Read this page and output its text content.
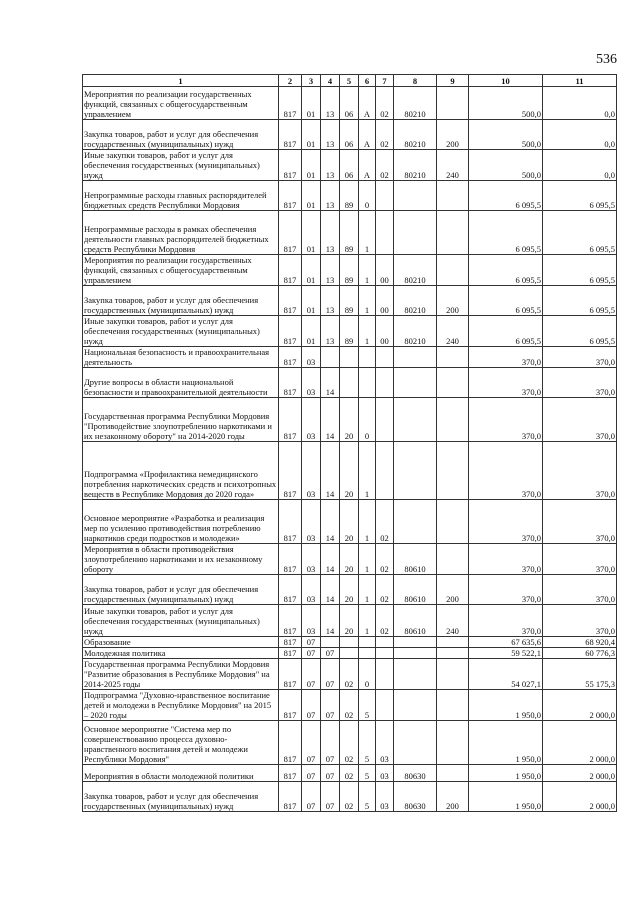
536
1	2	3	4	5	6	7	8	9	10	11
Мероприятия по реализации государственных функций, связанных с общегосударственным управлением	817	01	13	06	А	02	80210		500,0	0,0
Закупка товаров, работ и услуг для обеспечения государственных (муниципальных) нужд	817	01	13	06	А	02	80210	200	500,0	0,0
Иные закупки товаров, работ и услуг для обеспечения государственных (муниципальных) нужд	817	01	13	06	А	02	80210	240	500,0	0,0
Непрограммные расходы главных распорядителей бюджетных средств Республики Мордовия	817	01	13	89	0				6 095,5	6 095,5
Непрограммные расходы в рамках обеспечения деятельности главных распорядителей бюджетных средств Республики Мордовия	817	01	13	89	1				6 095,5	6 095,5
Мероприятия по реализации государственных функций, связанных с общегосударственным управлением	817	01	13	89	1	00	80210		6 095,5	6 095,5
Закупка товаров, работ и услуг для обеспечения государственных (муниципальных) нужд	817	01	13	89	1	00	80210	200	6 095,5	6 095,5
Иные закупки товаров, работ и услуг для обеспечения государственных (муниципальных) нужд	817	01	13	89	1	00	80210	240	6 095,5	6 095,5
Национальная безопасность и правоохранительная деятельность	817	03							370,0	370,0
Другие вопросы в области национальной безопасности и правоохранительной деятельности	817	03	14						370,0	370,0
Государственная программа Республики Мордовия "Противодействие злоупотреблению наркотиками и их незаконному обороту" на 2014-2020 годы	817	03	14	20	0				370,0	370,0
Подпрограмма «Профилактика немедицинского потребления наркотических средств и психотропных веществ в Республике Мордовия до 2020 года»	817	03	14	20	1				370,0	370,0
Основное мероприятие «Разработка и реализация мер по усилению противодействия потреблению наркотиков среди подростков и молодежи»	817	03	14	20	1	02			370,0	370,0
Мероприятия в области противодействия злоупотреблению наркотиками и их незаконному обороту	817	03	14	20	1	02	80610		370,0	370,0
Закупка товаров, работ и услуг для обеспечения государственных (муниципальных) нужд	817	03	14	20	1	02	80610	200	370,0	370,0
Иные закупки товаров, работ и услуг для обеспечения государственных (муниципальных) нужд	817	03	14	20	1	02	80610	240	370,0	370,0
Образование	817	07							67 635,6	68 920,4
Молодежная политика	817	07	07						59 522,1	60 776,3
Государственная программа Республики Мордовия "Развитие образования в Республике Мордовия" на 2014-2025 годы	817	07	07	02	0				54 027,1	55 175,3
Подпрограмма "Духовно-нравственное воспитание детей и молодежи в Республике Мордовия" на 2015 – 2020 годы	817	07	07	02	5				1 950,0	2 000,0
Основное мероприятие "Система мер по совершенствованию процесса духовно-нравственного воспитания детей и молодежи Республики Мордовия"	817	07	07	02	5	03			1 950,0	2 000,0
Мероприятия в области молодежной политики	817	07	07	02	5	03	80630		1 950,0	2 000,0
Закупка товаров, работ и услуг для обеспечения государственных (муниципальных) нужд	817	07	07	02	5	03	80630	200	1 950,0	2 000,0
